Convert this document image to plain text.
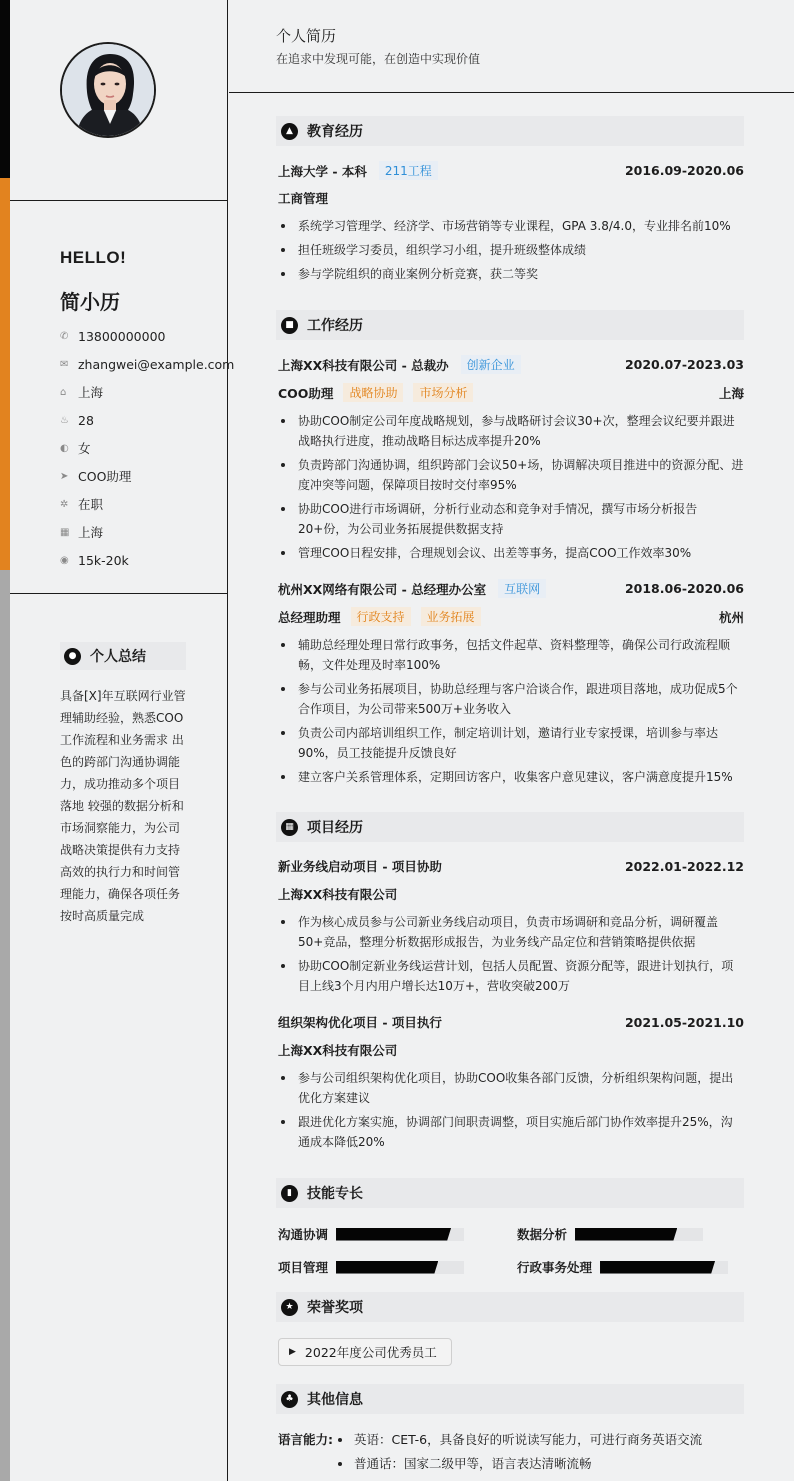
HELLO!
简小历
✆ 13800000000
✉ zhangwei@example.com
⌂ 上海
♨ 28
◐ 女
➤ COO助理
✲ 在职
▦ 上海
◉ 15k-20k
● 个人总结
具备[X]年互联网行业管理辅助经验，熟悉COO工作流程和业务需求 出色的跨部门沟通协调能力，成功推动多个项目落地 较强的数据分析和市场洞察能力，为公司战略决策提供有力支持 高效的执行力和时间管理能力，确保各项任务按时高质量完成
个人简历
在追求中发现可能，在创造中实现价值
▲	教育经历
上海大学 - 本科	211工程	2016.09-2020.06
工商管理
系统学习管理学、经济学、市场营销等专业课程，GPA 3.8/4.0，专业排名前10%
担任班级学习委员，组织学习小组，提升班级整体成绩
参与学院组织的商业案例分析竞赛，获二等奖
■ 工作经历
上海XX科技有限公司 - 总裁办	创新企业	2020.07-2023.03
COO助理	战略协助	市场分析	上海
协助COO制定公司年度战略规划，参与战略研讨会议30+次，整理会议纪要并跟进战略执行进度，推动战略目标达成率提升20%
负责跨部门沟通协调，组织跨部门会议50+场，协调解决项目推进中的资源分配、进度冲突等问题，保障项目按时交付率95%
协助COO进行市场调研，分析行业动态和竞争对手情况，撰写市场分析报告20+份，为公司业务拓展提供数据支持
管理COO日程安排，合理规划会议、出差等事务，提高COO工作效率30%
杭州XX网络有限公司 - 总经理办公室	互联网	2018.06-2020.06
总经理助理	行政支持	业务拓展	杭州
辅助总经理处理日常行政事务，包括文件起草、资料整理等，确保公司行政流程顺畅，文件处理及时率100%
参与公司业务拓展项目，协助总经理与客户洽谈合作，跟进项目落地，成功促成5个合作项目，为公司带来500万+业务收入
负责公司内部培训组织工作，制定培训计划，邀请行业专家授课，培训参与率达90%，员工技能提升反馈良好
建立客户关系管理体系，定期回访客户，收集客户意见建议，客户满意度提升15%
▦ 项目经历
新业务线启动项目 - 项目协助	2022.01-2022.12
上海XX科技有限公司
作为核心成员参与公司新业务线启动项目，负责市场调研和竞品分析，调研覆盖50+竞品，整理分析数据形成报告，为业务线产品定位和营销策略提供依据
协助COO制定新业务线运营计划，包括人员配置、资源分配等，跟进计划执行，项目上线3个月内用户增长达10万+，营收突破200万
组织架构优化项目 - 项目执行	2021.05-2021.10
上海XX科技有限公司
参与公司组织架构优化项目，协助COO收集各部门反馈，分析组织架构问题，提出优化方案建议
跟进优化方案实施，协调部门间职责调整，项目实施后部门协作效率提升25%，沟通成本降低20%
▮	技能专长
沟通协调	数据分析
项目管理	行政事务处理
★ 荣誉奖项
▶ 2022年度公司优秀员工
♣ 其他信息
语言能力:	英语：CET-6，具备良好的听说读写能力，可进行商务英语交流
普通话：国家二级甲等，语言表达清晰流畅
